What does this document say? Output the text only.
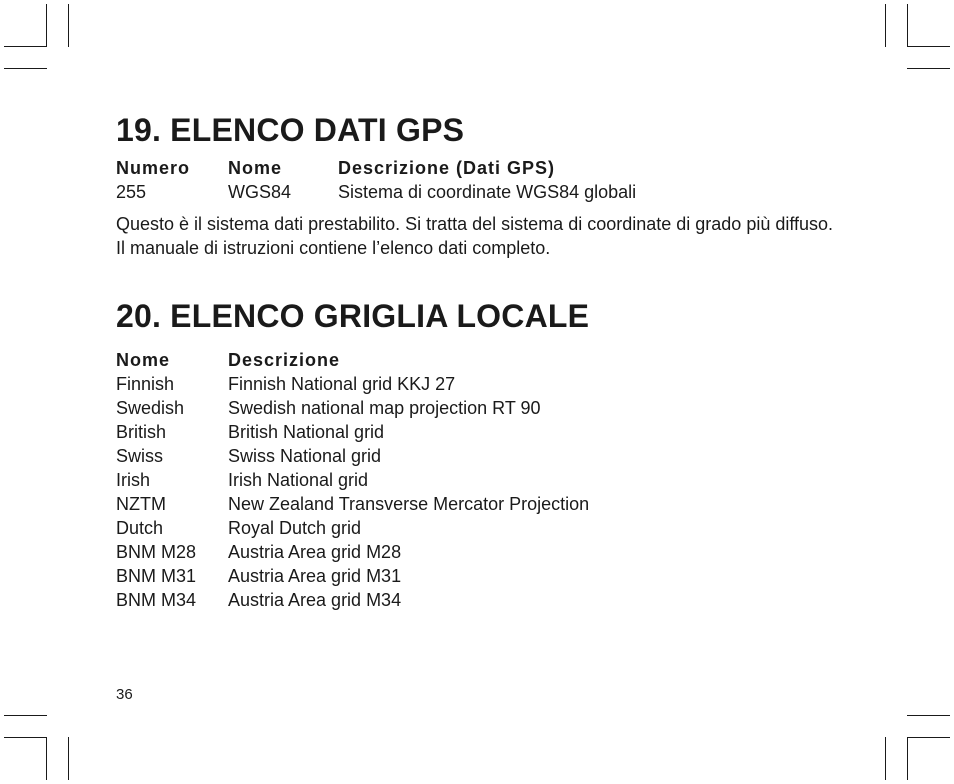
19. ELENCO DATI GPS
Numero	Nome	Descrizione (Dati GPS)
255	WGS84	Sistema di coordinate WGS84 globali

Questo è il sistema dati prestabilito. Si tratta del sistema di coordinate di grado più diffuso. Il manuale di istruzioni contiene l’elenco dati completo.

20. ELENCO GRIGLIA LOCALE
Nome	Descrizione
Finnish	Finnish National grid KKJ 27
Swedish	Swedish national map projection RT 90
British	British National grid
Swiss	Swiss National grid
Irish	Irish National grid
NZTM	New Zealand Transverse Mercator Projection
Dutch	Royal Dutch grid
BNM M28	Austria Area grid M28
BNM M31	Austria Area grid M31
BNM M34	Austria Area grid M34
36
